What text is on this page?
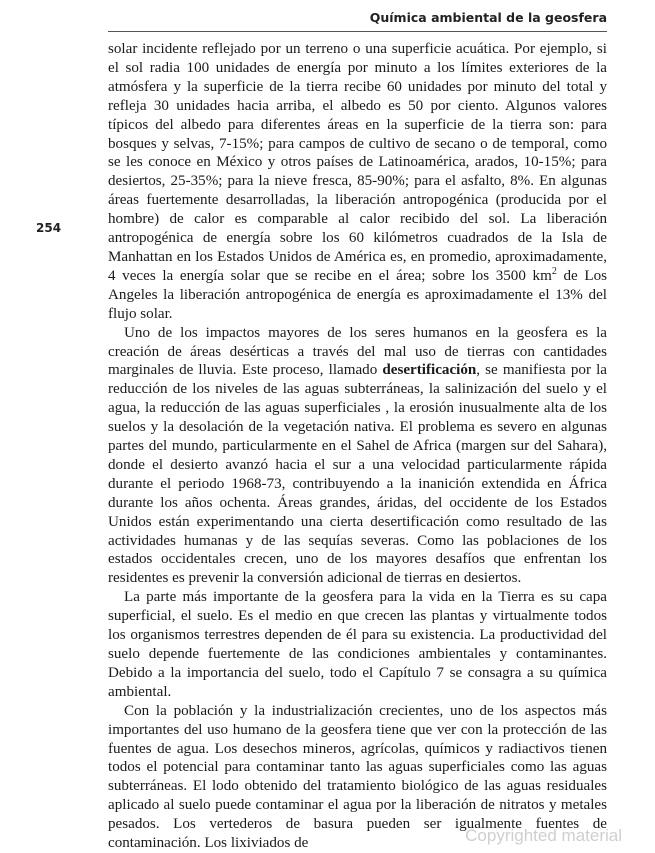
Química ambiental de la geosfera
254

solar incidente reflejado por un terreno o una superficie acuática. Por ejemplo, si el sol radia 100 unidades de energía por minuto a los límites exteriores de la atmósfera y la superficie de la tierra recibe 60 unidades por minuto del total y refleja 30 unidades hacia arriba, el albedo es 50 por ciento. Algunos valores típicos del albedo para diferentes áreas en la superficie de la tierra son: para bosques y selvas, 7-15%; para campos de cultivo de secano o de temporal, como se les conoce en México y otros países de Latinoamérica, arados, 10-15%; para desiertos, 25-35%; para la nieve fresca, 85-90%; para el asfalto, 8%. En algunas áreas fuertemente desarrolladas, la liberación antropogénica (producida por el hombre) de calor es comparable al calor recibido del sol. La liberación antropogénica de energía sobre los 60 kilómetros cuadrados de la Isla de Manhattan en los Estados Unidos de América es, en promedio, aproximadamente, 4 veces la energía solar que se recibe en el área; sobre los 3500 $km^2$ de Los Angeles la liberación antropogénica de energía es aproximadamente el 13% del flujo solar.

Uno de los impactos mayores de los seres humanos en la geosfera es la creación de áreas desérticas a través del mal uso de tierras con cantidades marginales de lluvia. Este proceso, llamado desertificación, se manifiesta por la reducción de los niveles de las aguas subterráneas, la salinización del suelo y el agua, la reducción de las aguas superficiales , la erosión inusualmente alta de los suelos y la desolación de la vegetación nativa. El problema es severo en algunas partes del mundo, particularmente en el Sahel de Africa (margen sur del Sahara), donde el desierto avanzó hacia el sur a una velocidad particularmente rápida durante el periodo 1968-73, contribuyendo a la inanición extendida en África durante los años ochenta. Áreas grandes, áridas, del occidente de los Estados Unidos están experimentando una cierta desertificación como resultado de las actividades humanas y de las sequías severas. Como las poblaciones de los estados occidentales crecen, uno de los mayores desafíos que enfrentan los residentes es prevenir la conversión adicional de tierras en desiertos.

La parte más importante de la geosfera para la vida en la Tierra es su capa superficial, el suelo. Es el medio en que crecen las plantas y virtualmente todos los organismos terrestres dependen de él para su existencia. La productividad del suelo depende fuertemente de las condiciones ambientales y contaminantes. Debido a la importancia del suelo, todo el Capítulo 7 se consagra a su química ambiental.

Con la población y la industrialización crecientes, uno de los aspectos más importantes del uso humano de la geosfera tiene que ver con la protección de las fuentes de agua. Los desechos mineros, agrícolas, químicos y radiactivos tienen todos el potencial para contaminar tanto las aguas superficiales como las aguas subterráneas. El lodo obtenido del tratamiento biológico de las aguas residuales aplicado al suelo puede contaminar el agua por la liberación de nitratos y metales pesados. Los vertederos de basura pueden ser igualmente fuentes de contaminación. Los lixiviados de	Copyrighted material
